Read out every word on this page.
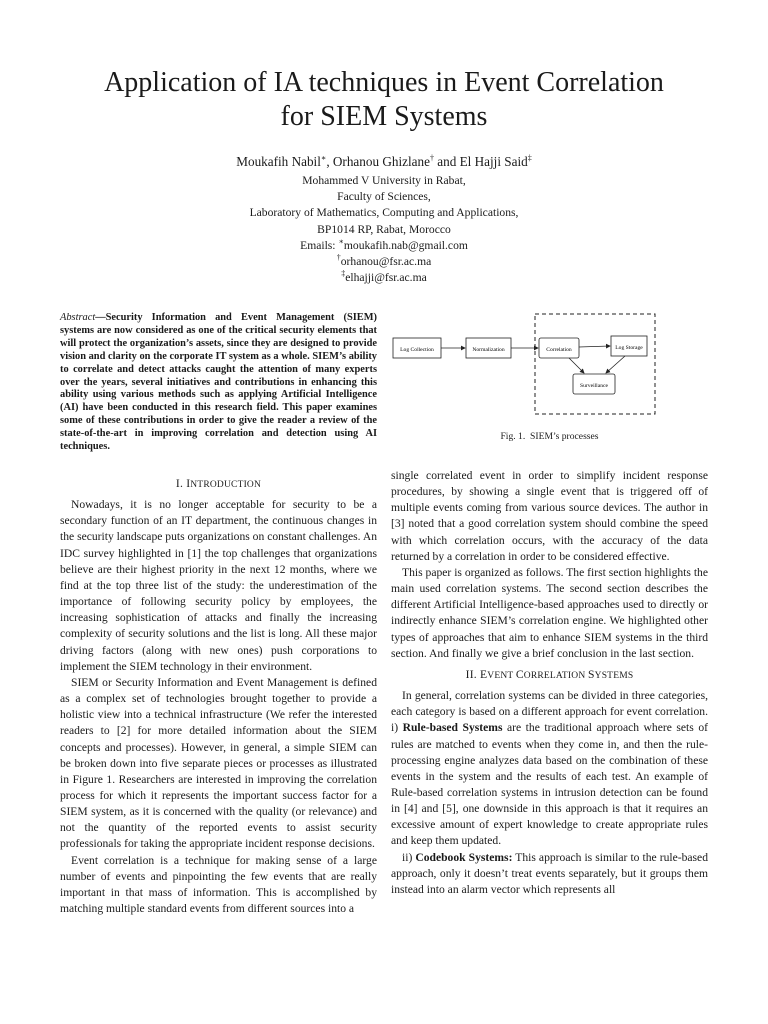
Application of IA techniques in Event Correlation
for SIEM Systems
Moukafih Nabil∗, Orhanou Ghizlane† and El Hajji Said‡
Mohammed V University in Rabat,
Faculty of Sciences,
Laboratory of Mathematics, Computing and Applications,
BP1014 RP, Rabat, Morocco
Emails: ∗moukafih.nab@gmail.com
†orhanou@fsr.ac.ma
‡elhajji@fsr.ac.ma
Abstract—Security Information and Event Management (SIEM) systems are now considered as one of the critical security elements that will protect the organization’s assets, since they are designed to provide vision and clarity on the corporate IT system as a whole. SIEM’s ability to correlate and detect attacks caught the attention of many experts over the years, several initiatives and contributions in enhancing this ability using various methods such as applying Artificial Intelligence (AI) have been conducted in this research field. This paper examines some of these contributions in order to give the reader a review of the state-of-the-art in improving correlation and detection using AI techniques.
I. INTRODUCTION

Nowadays, it is no longer acceptable for security to be a secondary function of an IT department, the continuous changes in the security landscape puts organizations on constant challenges. An IDC survey highlighted in [1] the top challenges that organizations believe are their highest priority in the next 12 months, where we find at the top three list of the study: the underestimation of the importance of following security policy by employees, the increasing sophistication of attacks and finally the increasing complexity of security solutions and the list is long. All these major driving factors (along with new ones) push corporations to implement the SIEM technology in their environment.

SIEM or Security Information and Event Management is defined as a complex set of technologies brought together to provide a holistic view into a technical infrastructure (We refer the interested readers to [2] for more detailed information about the SIEM concepts and processes). However, in general, a simple SIEM can be broken down into five separate pieces or processes as illustrated in Figure 1. Researchers are interested in improving the correlation process for which it represents the important success factor for a SIEM system, as it is concerned with the quality (or relevance) and not the quantity of the reported events to assist security professionals for taking the appropriate incident response decisions.

Event correlation is a technique for making sense of a large number of events and pinpointing the few events that are really important in that mass of information. This is accomplished by matching multiple standard events from different sources into a

Log Collection	Normalization	Correlation	Log Storage
Surveillance
Fig. 1. SIEM’s processes
single correlated event in order to simplify incident response procedures, by showing a single event that is triggered off of multiple events coming from various source devices. The author in [3] noted that a good correlation system should combine the speed with which correlation occurs, with the accuracy of the data returned by a correlation in order to be considered effective.

This paper is organized as follows. The first section highlights the main used correlation systems. The second section describes the different Artificial Intelligence-based approaches used to directly or indirectly enhance SIEM’s correlation engine. We highlighted other types of approaches that aim to enhance SIEM systems in the third section. And finally we give a brief conclusion in the last section.

II. EVENT CORRELATION SYSTEMS

In general, correlation systems can be divided in three categories, each category is based on a different approach for event correlation. i) Rule-based Systems are the traditional approach where sets of rules are matched to events when they come in, and then the rule-processing engine analyzes data based on the combination of these events in the system and the results of each test. An example of Rule-based correlation systems in intrusion detection can be found in [4] and [5], one downside in this approach is that it requires an excessive amount of expert knowledge to create appropriate rules and keep them updated.

ii) Codebook Systems: This approach is similar to the rule-based approach, only it doesn’t treat events separately, but it groups them instead into an alarm vector which represents all
